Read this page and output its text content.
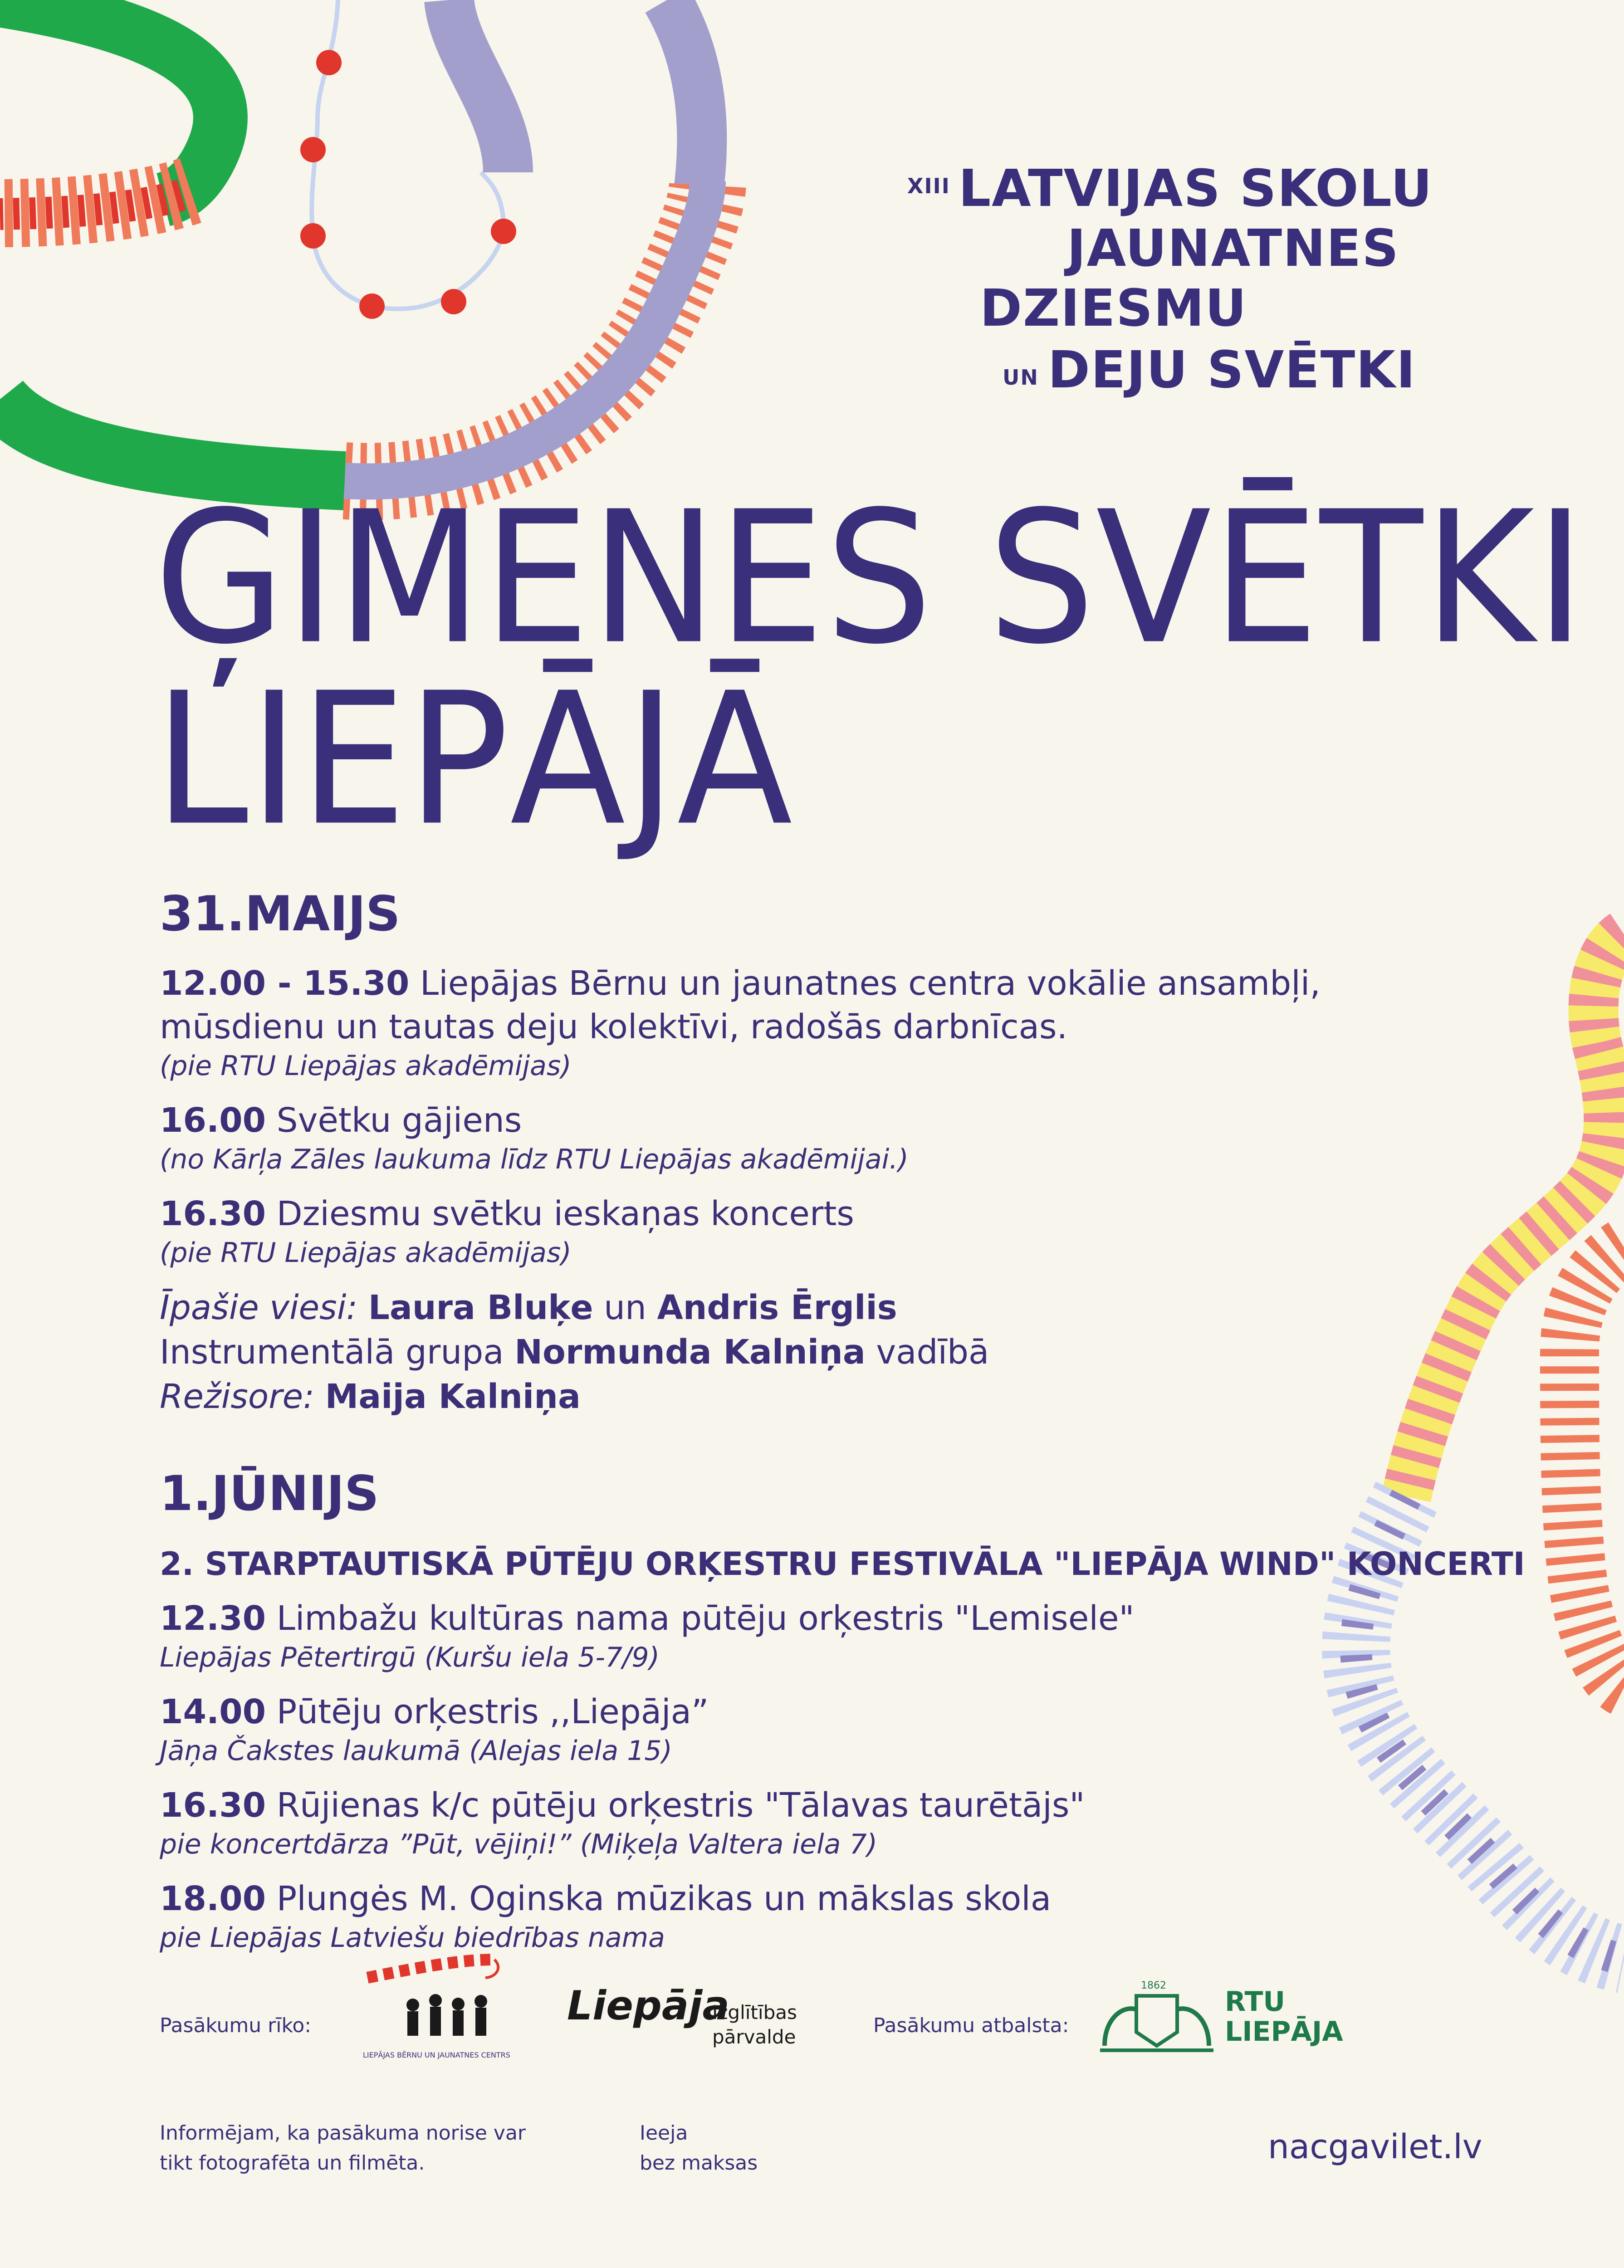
$^{XIII}$ LATVIJAS SKOLU
JAUNATNES
DZIESMU
UN DEJU SVĒTKI
ĢIMENES SVĒTKI
LIEPĀJĀ
31.MAIJS
12.00 - 15.30 Liepājas Bērnu un jaunatnes centra vokālie ansambļi,
mūsdienu un tautas deju kolektīvi, radošās darbnīcas.
(pie RTU Liepājas akadēmijas)
16.00 Svētku gājiens
(no Kārļa Zāles laukuma līdz RTU Liepājas akadēmijai.)
16.30 Dziesmu svētku ieskaņas koncerts
(pie RTU Liepājas akadēmijas)
Īpašie viesi: Laura Bluķe un Andris Ērglis
Instrumentālā grupa Normunda Kalniņa vadībā
Režisore: Maija Kalniņa
1.JŪNIJS
2. STARPTAUTISKĀ PŪTĒJU ORĶESTRU FESTIVĀLA "LIEPĀJA WIND" KONCERTI
12.30 Limbažu kultūras nama pūtēju orķestris "Lemisele"
Liepājas Pētertirgū (Kuršu iela 5-7/9)
14.00 Pūtēju orķestris ,,Liepāja”
Jāņa Čakstes laukumā (Alejas iela 15)
16.30 Rūjienas k/c pūtēju orķestris "Tālavas taurētājs"
pie koncertdārza ”Pūt, vējiņi!” (Miķeļa Valtera iela 7)
18.00 Plungės M. Oginska mūzikas un mākslas skola
pie Liepājas Latviešu biedrības nama
Pasākumu rīko:
LIEPĀJAS BĒRNU UN JAUNATNES CENTRS
Liepāja
Izglītības
pārvalde	Pasākumu atbalsta:
1862
RTU
LIEPĀJA
Informējam, ka pasākuma norise var
tikt fotografēta un filmēta.
Ieeja
bez maksas	nacgavilet.lv
